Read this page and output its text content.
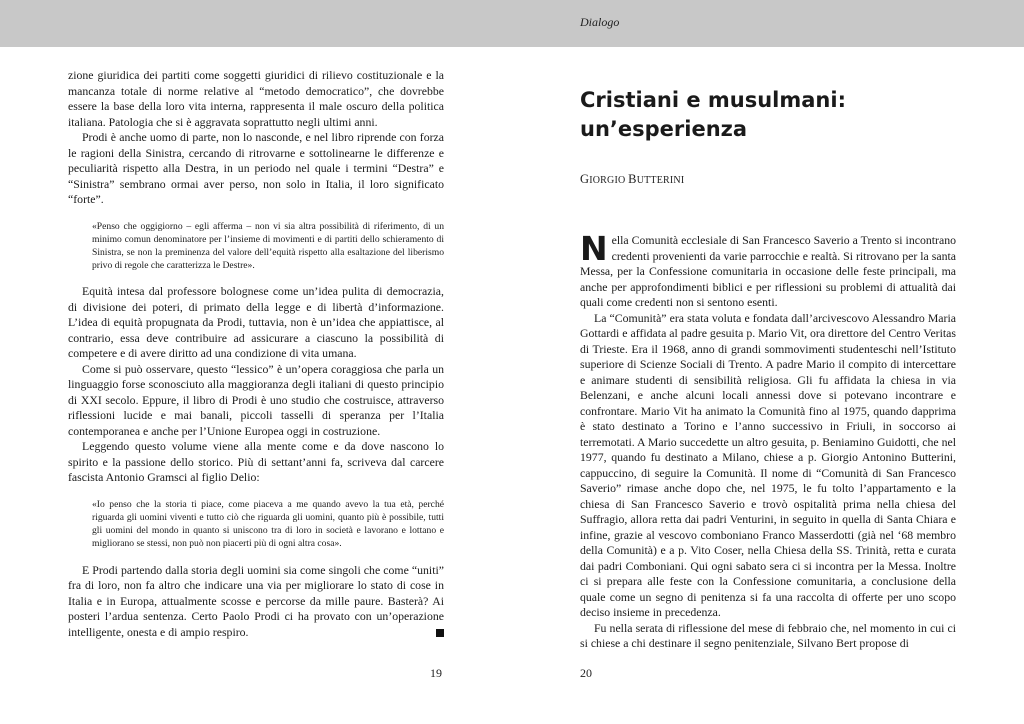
Dialogo

zione giuridica dei partiti come soggetti giuridici di rilievo costituzionale e la mancanza totale di norme relative al “metodo democratico”, che dovrebbe essere la base della loro vita interna, rappresenta il male oscuro della politica italiana. Patologia che si è aggravata soprattutto negli ultimi anni.

Prodi è anche uomo di parte, non lo nasconde, e nel libro riprende con forza le ragioni della Sinistra, cercando di ritrovarne e sottolinearne le differenze e peculiarità rispetto alla Destra, in un periodo nel quale i termini “Destra” e “Sinistra” sembrano ormai aver perso, non solo in Italia, il loro significato “forte”.

«Penso che oggigiorno – egli afferma – non vi sia altra possibilità di riferimento, di un minimo comun denominatore per l’insieme di movimenti e di partiti dello schieramento di Sinistra, se non la preminenza del valore dell’equità rispetto alla esaltazione del liberismo privo di regole che caratterizza le Destre».

Equità intesa dal professore bolognese come un’idea pulita di democrazia, di divisione dei poteri, di primato della legge e di libertà d’informazione. L’idea di equità propugnata da Prodi, tuttavia, non è un’idea che appiattisce, al contrario, essa deve contribuire ad assicurare a ciascuno la possibilità di competere e di avere diritto ad una condizione di vita umana.

Come si può osservare, questo “lessico” è un’opera coraggiosa che parla un linguaggio forse sconosciuto alla maggioranza degli italiani di questo principio di XXI secolo. Eppure, il libro di Prodi è uno studio che costruisce, attraverso riflessioni lucide e mai banali, piccoli tasselli di speranza per l’Italia contemporanea e anche per l’Unione Europea oggi in costruzione.

Leggendo questo volume viene alla mente come e da dove nascono lo spirito e la passione dello storico. Più di settant’anni fa, scriveva dal carcere fascista Antonio Gramsci al figlio Delio:

«Io penso che la storia ti piace, come piaceva a me quando avevo la tua età, perché riguarda gli uomini viventi e tutto ciò che riguarda gli uomini, quanto più è possibile, tutti gli uomini del mondo in quanto si uniscono tra di loro in società e lavorano e lottano e migliorano se stessi, non può non piacerti più di ogni altra cosa».

E Prodi partendo dalla storia degli uomini sia come singoli che come “uniti” fra di loro, non fa altro che indicare una via per migliorare lo stato di cose in Italia e in Europa, attualmente scosse e percorse da mille paure. Basterà? Ai posteri l’ardua sentenza. Certo Paolo Prodi ci ha provato con un’operazione intelligente, onesta e di ampio respiro.

Cristiani e musulmani:
un’esperienza
GIORGIO BUTTERINI

Nella Comunità ecclesiale di San Francesco Saverio a Trento si incontrano credenti provenienti da varie parrocchie e realtà. Si ritrovano per la santa Messa, per la Confessione comunitaria in occasione delle feste principali, ma anche per approfondimenti biblici e per riflessioni su problemi di attualità dai quali come credenti non si sentono esenti.

La “Comunità” era stata voluta e fondata dall’arcivescovo Alessandro Maria Gottardi e affidata al padre gesuita p. Mario Vit, ora direttore del Centro Veritas di Trieste. Era il 1968, anno di grandi sommovimenti studenteschi nell’Istituto superiore di Scienze Sociali di Trento. A padre Mario il compito di intercettare e animare studenti di sensibilità religiosa. Gli fu affidata la chiesa in via Belenzani, e anche alcuni locali annessi dove si potevano incontrare e confrontare. Mario Vit ha animato la Comunità fino al 1975, quando dapprima è stato destinato a Torino e l’anno successivo in Friuli, in soccorso ai terremotati. A Mario succedette un altro gesuita, p. Beniamino Guidotti, che nel 1977, quando fu destinato a Milano, chiese a p. Giorgio Antonino Butterini, cappuccino, di seguire la Comunità. Il nome di “Comunità di San Francesco Saverio” rimase anche dopo che, nel 1975, le fu tolto l’appartamento e la chiesa di San Francesco Saverio e trovò ospitalità prima nella chiesa del Suffragio, allora retta dai padri Venturini, in seguito in quella di Santa Chiara e infine, grazie al vescovo comboniano Franco Masserdotti (già nel ‘68 membro della Comunità) e a p. Vito Coser, nella Chiesa della SS. Trinità, retta e curata dai padri Comboniani. Qui ogni sabato sera ci si incontra per la Messa. Inoltre ci si prepara alle feste con la Confessione comunitaria, a conclusione della quale come un segno di penitenza si fa una raccolta di offerte per uno scopo deciso insieme in precedenza.

Fu nella serata di riflessione del mese di febbraio che, nel momento in cui ci si chiese a chi destinare il segno penitenziale, Silvano Bert propose di

19	20
